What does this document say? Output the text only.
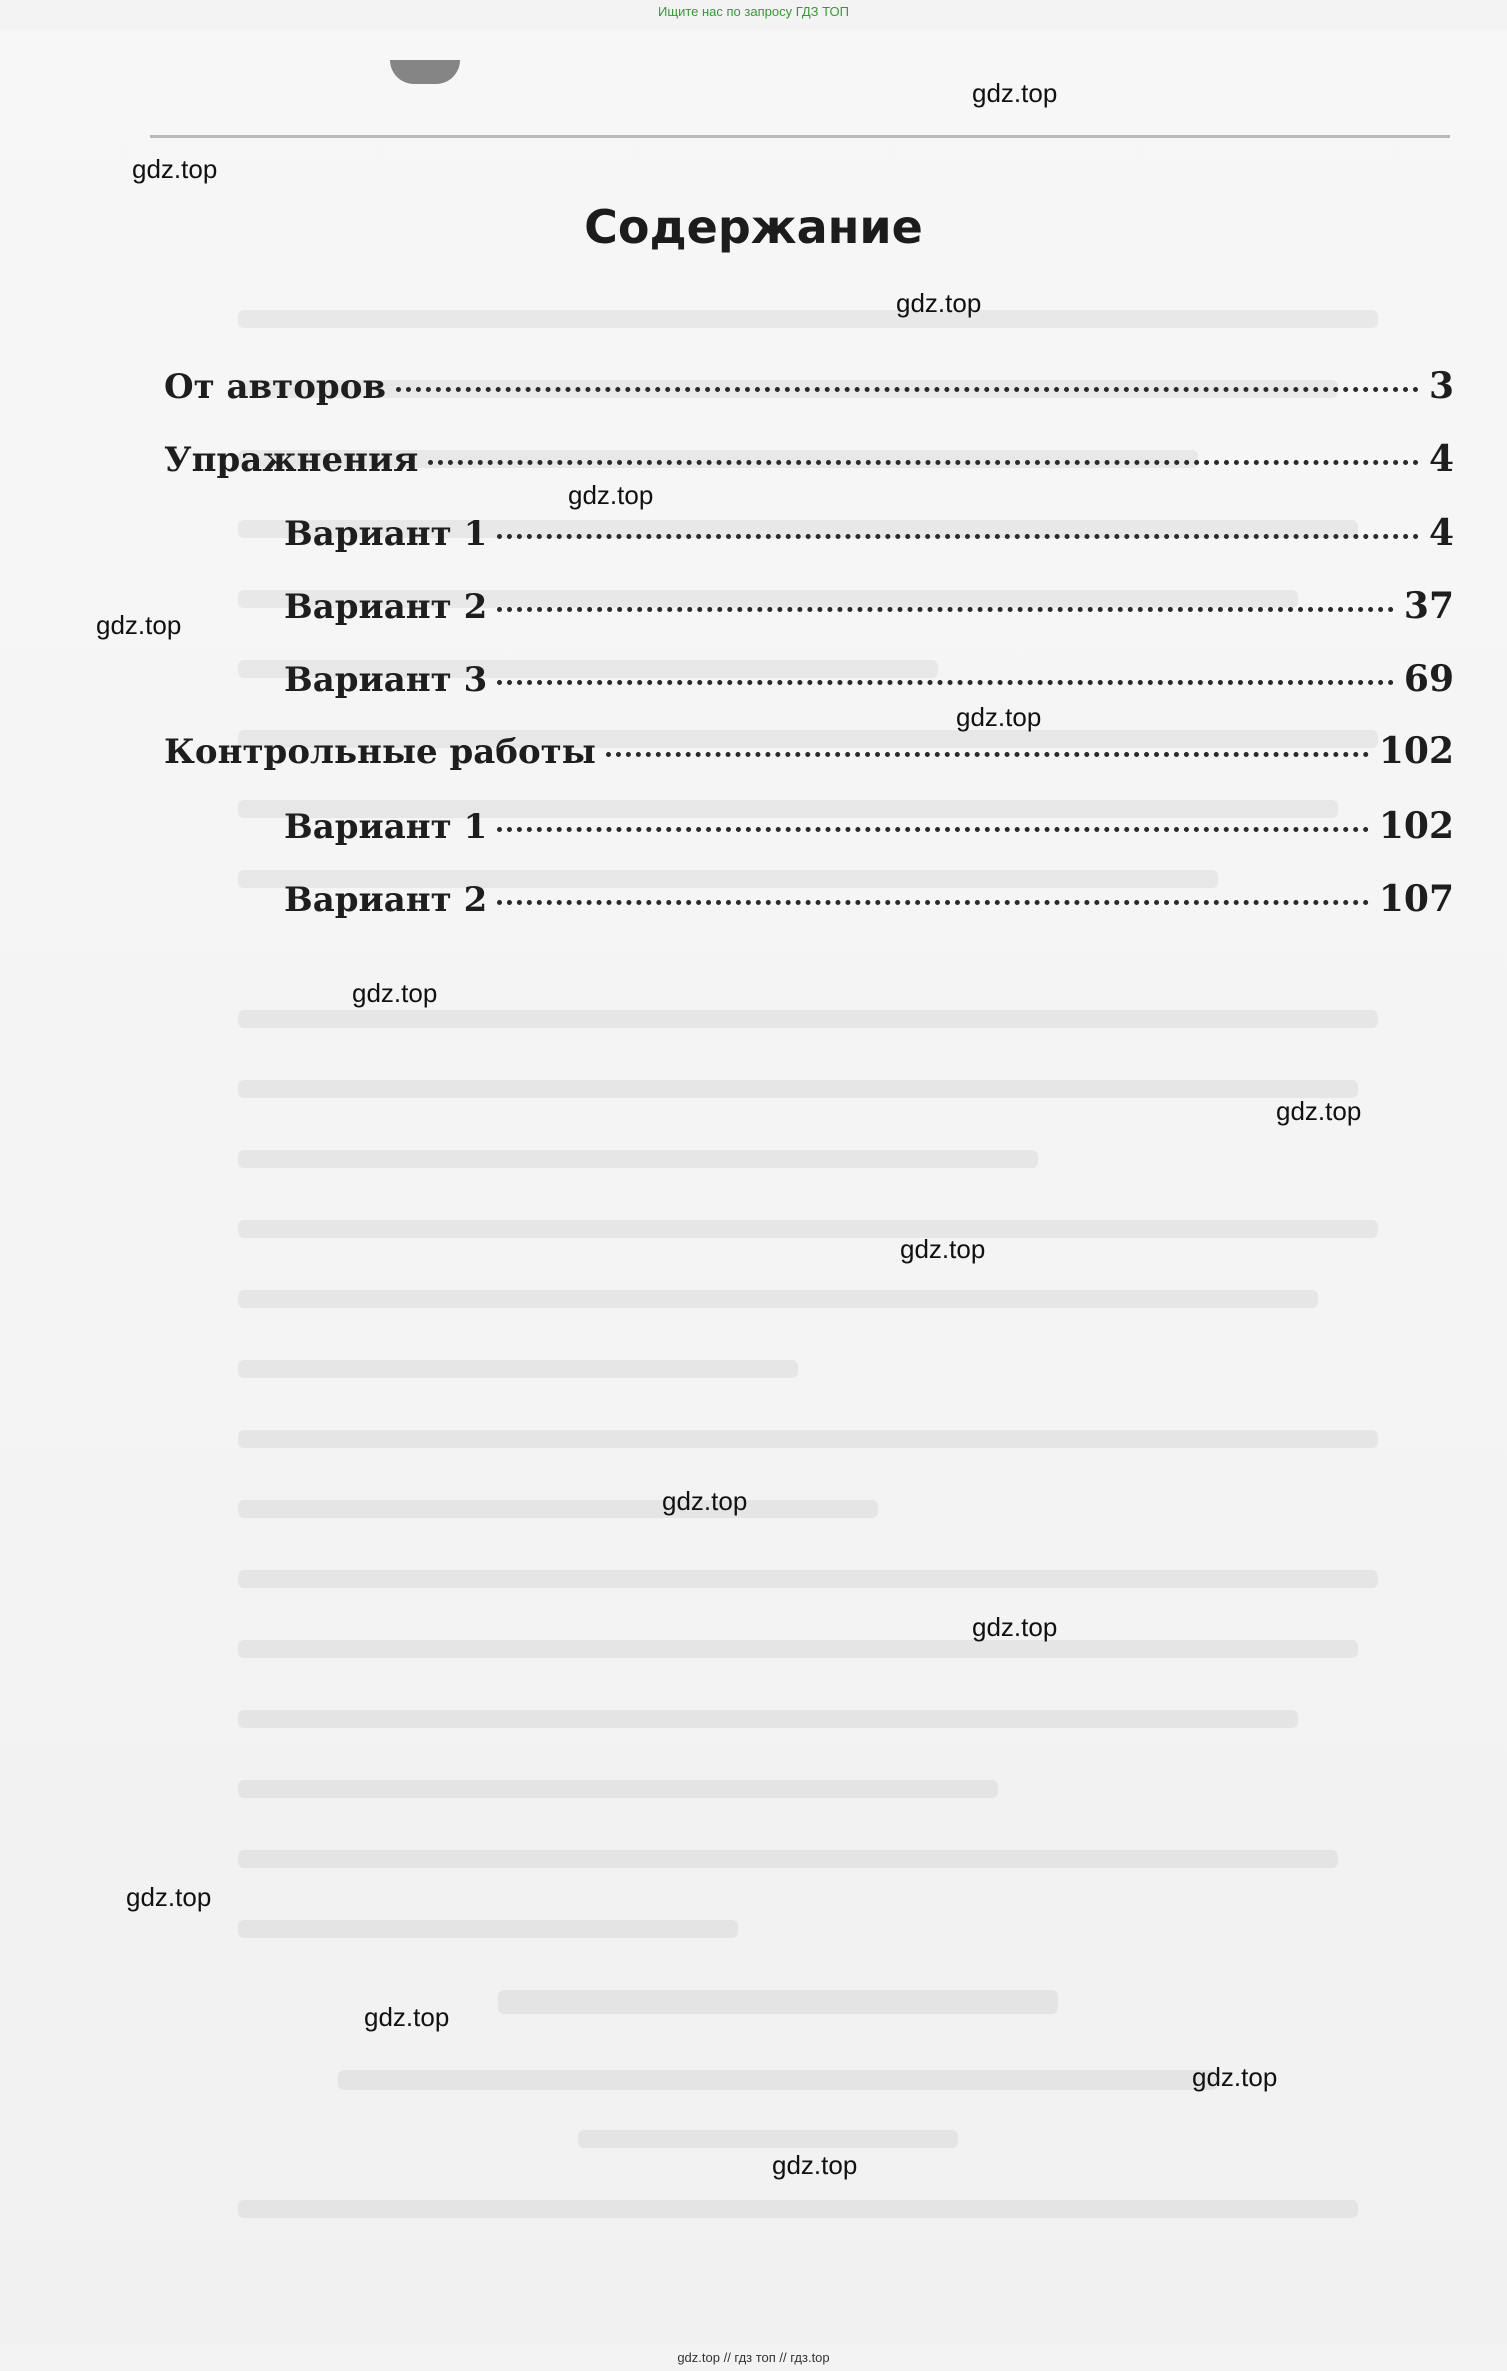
Ищите нас по запросу ГДЗ ТОП

Содержание
От авторов	3
Упражнения	4
Вариант 1	4
Вариант 2	37
Вариант 3	69
Контрольные работы	102
Вариант 1	102
Вариант 2	107
gdz.top
gdz.top
gdz.top
gdz.top
gdz.top
gdz.top
gdz.top
gdz.top
gdz.top
gdz.top
gdz.top
gdz.top
gdz.top
gdz.top
gdz.top
gdz.top // гдз топ // гдз.top
